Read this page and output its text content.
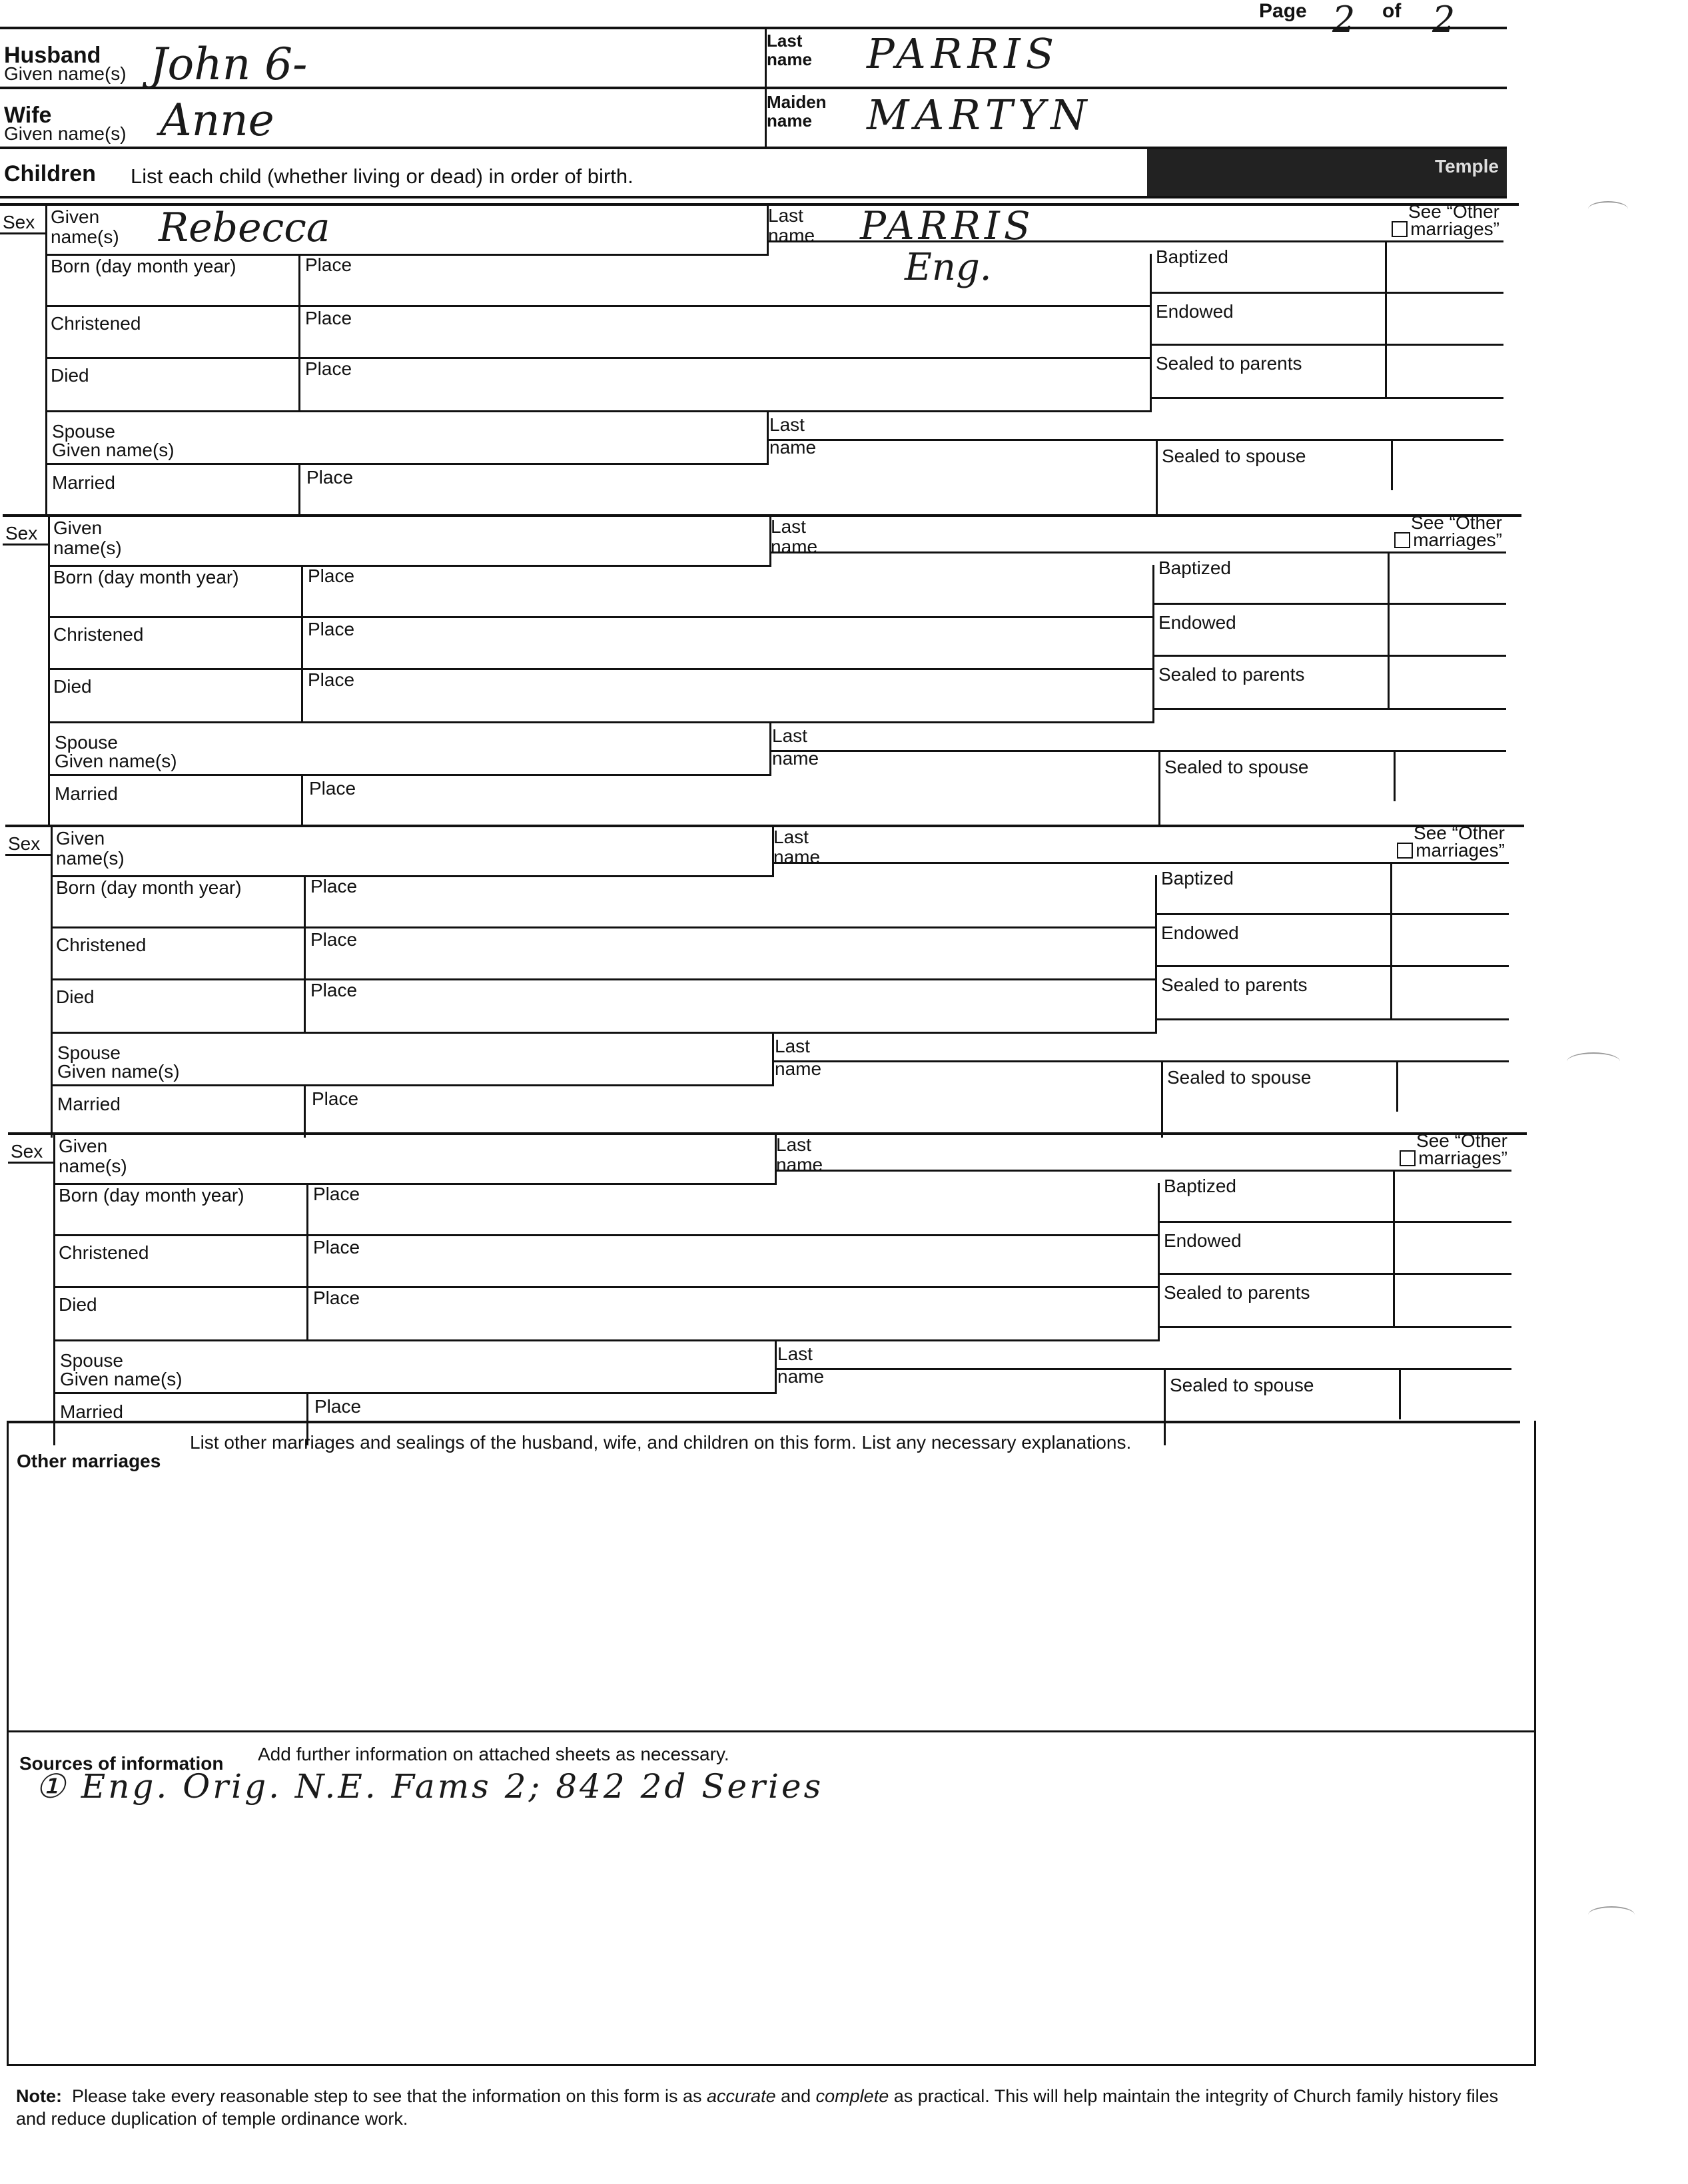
Page 2 of 2
Husband
Given name(s) John 6-	Last
name PARRIS
Wife
Given name(s) Anne	Maiden
name MARTYN
Children List each child (whether living or dead) in order of birth.	Temple
Sex Given
name(s) Rebecca	Last
name PARRIS	See “Other
marriages”
Born (day month year)	Place	Eng.
Christened	Place
Died	Place
Baptized
Endowed
Sealed to parents
Spouse
Given name(s)
Last
name	Sealed to spouse
Married	Place
Sex Given
name(s)
Last
name
See “Other
marriages”
Born (day month year)	Place
Christened	Place
Died	Place
Baptized
Endowed
Sealed to parents
Spouse
Given name(s)
Last
name	Sealed to spouse
Married	Place
Sex Given
name(s)
Last
name
See “Other
marriages”
Born (day month year)	Place
Christened	Place
Died	Place
Baptized
Endowed
Sealed to parents
Spouse
Given name(s)
Last
name	Sealed to spouse
Married	Place
Sex Given
name(s)
Last
name
See “Other
marriages”
Born (day month year)	Place
Christened	Place
Died	Place
Baptized
Endowed
Sealed to parents
Spouse
Given name(s)
Last
name	Sealed to spouse
Married	Place
Other marriages
List other marriages and sealings of the husband, wife, and children on this form. List any necessary explanations.
Sources of information Add further information on attached sheets as necessary.
① Eng. Orig. N.E. Fams 2; 842 2d Series
Note: Please take every reasonable step to see that the information on this form is as accurate and complete as practical. This will help maintain the integrity of Church family history files and reduce duplication of temple ordinance work.
